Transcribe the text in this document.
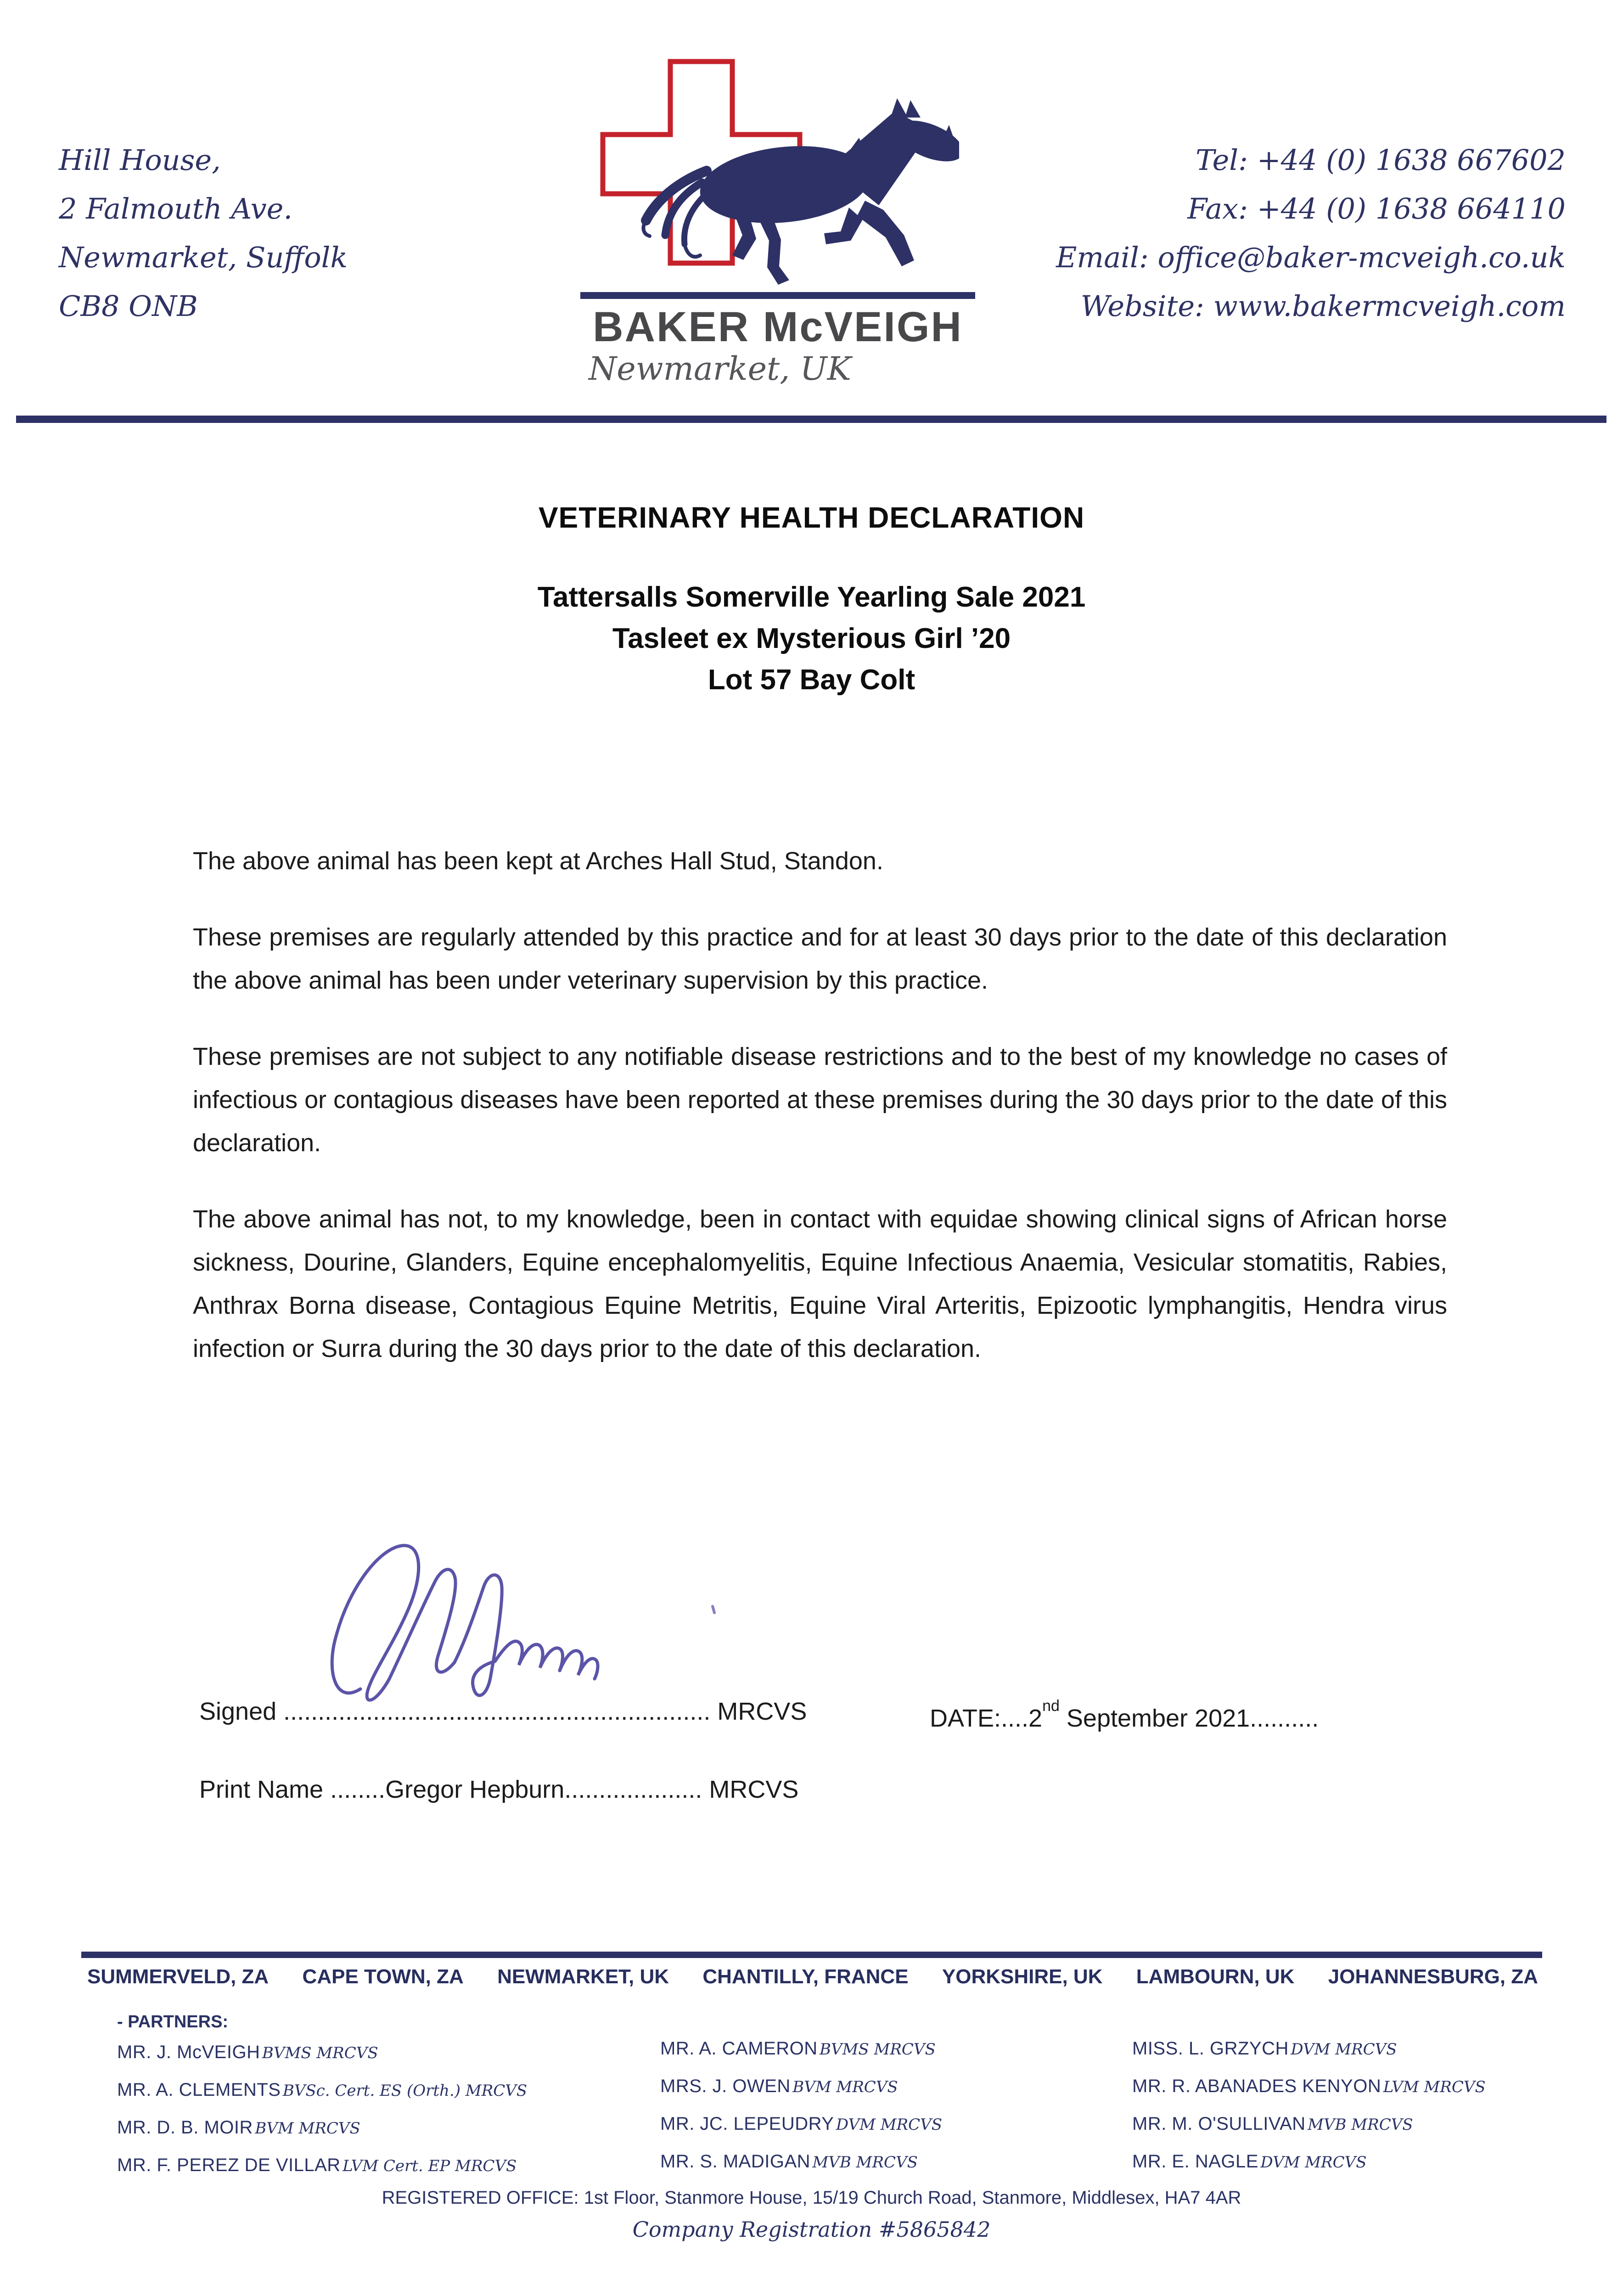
Hill House,
2 Falmouth Ave.
Newmarket, Suffolk
CB8 ONB
Tel: +44 (0) 1638 667602
Fax: +44 (0) 1638 664110
Email: office@baker-mcveigh.co.uk
Website: www.bakermcveigh.com
BAKER McVEIGH
Newmarket, UK
VETERINARY HEALTH DECLARATION
Tattersalls Somerville Yearling Sale 2021
Tasleet ex Mysterious Girl ’20
Lot 57 Bay Colt

The above animal has been kept at Arches Hall Stud, Standon.

These premises are regularly attended by this practice and for at least 30 days prior to the date of this declaration the above animal has been under veterinary supervision by this practice.

These premises are not subject to any notifiable disease restrictions and to the best of my knowledge no cases of infectious or contagious diseases have been reported at these premises during the 30 days prior to the date of this declaration.

The above animal has not, to my knowledge, been in contact with equidae showing clinical signs of African horse sickness, Dourine, Glanders, Equine encephalomyelitis, Equine Infectious Anaemia, Vesicular stomatitis, Rabies, Anthrax Borna disease, Contagious Equine Metritis, Equine Viral Arteritis, Epizootic lymphangitis, Hendra virus infection or Surra during the 30 days prior to the date of this declaration.

Signed .............................................................. MRCVS	DATE:....2nd September 2021..........
Print Name ........Gregor Hepburn.................... MRCVS
SUMMERVELD, ZA CAPE TOWN, ZA NEWMARKET, UK CHANTILLY, FRANCE YORKSHIRE, UK LAMBOURN, UK JOHANNESBURG, ZA
- PARTNERS:
MR. J. McVEIGH BVMS MRCVS
MR. A. CLEMENTS BVSc. Cert. ES (Orth.) MRCVS
MR. D. B. MOIR BVM MRCVS
MR. F. PEREZ DE VILLAR LVM Cert. EP MRCVS
MR. A. CAMERON BVMS MRCVS
MRS. J. OWEN BVM MRCVS
MR. JC. LEPEUDRY DVM MRCVS
MR. S. MADIGAN MVB MRCVS
MISS. L. GRZYCH DVM MRCVS
MR. R. ABANADES KENYON LVM MRCVS
MR. M. O'SULLIVAN MVB MRCVS
MR. E. NAGLE DVM MRCVS
REGISTERED OFFICE: 1st Floor, Stanmore House, 15/19 Church Road, Stanmore, Middlesex, HA7 4AR
Company Registration #5865842
